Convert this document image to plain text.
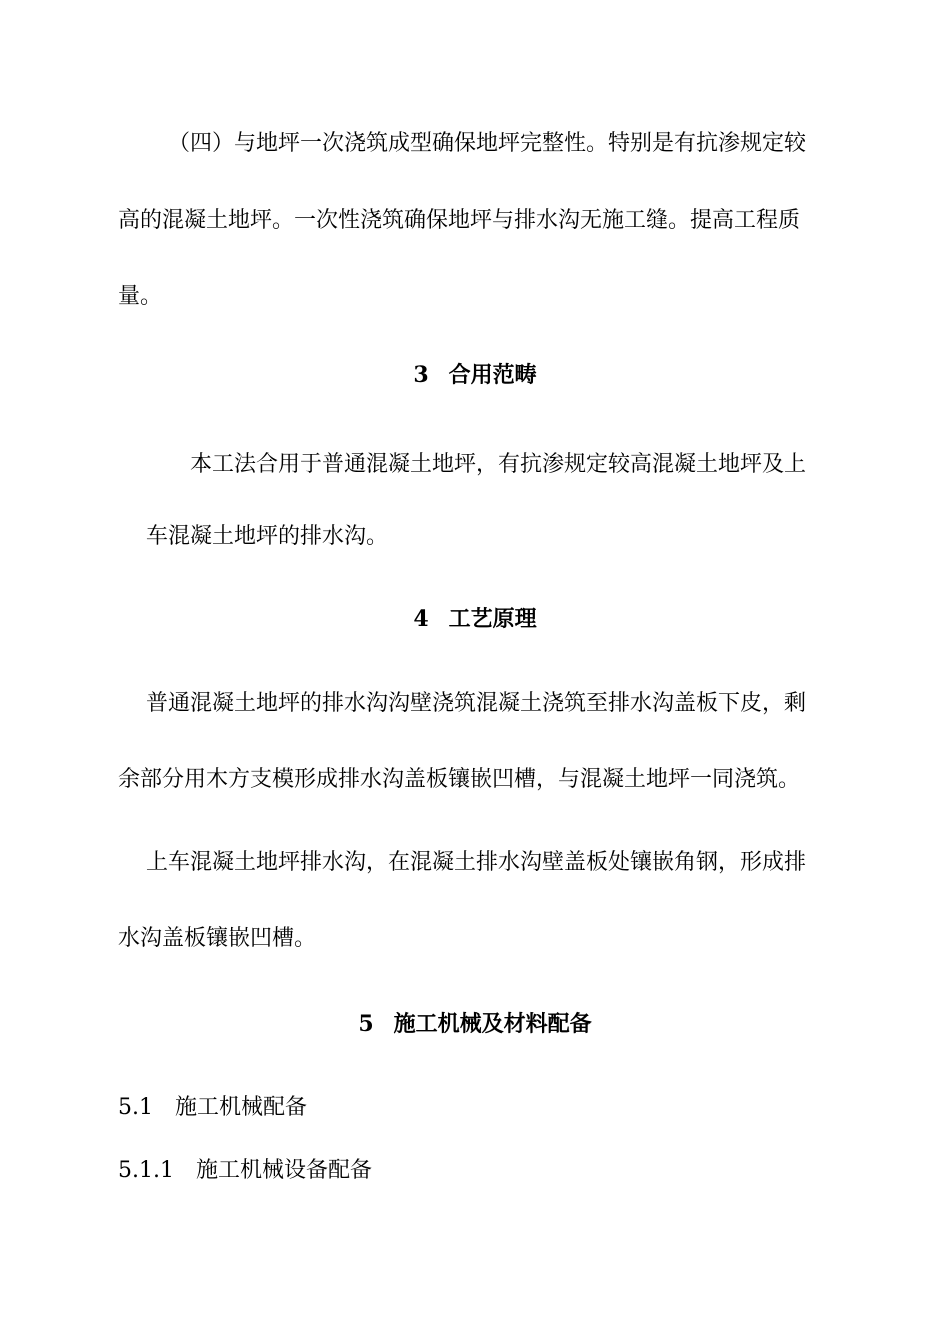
（四）与地坪一次浇筑成型确保地坪完整性。特别是有抗渗规定较
高的混凝土地坪。一次性浇筑确保地坪与排水沟无施工缝。提高工程质
量。
3 合用范畴
本工法合用于普通混凝土地坪，有抗渗规定较高混凝土地坪及上
车混凝土地坪的排水沟。
4 工艺原理
普通混凝土地坪的排水沟沟壁浇筑混凝土浇筑至排水沟盖板下皮，剩
余部分用木方支模形成排水沟盖板镶嵌凹槽，与混凝土地坪一同浇筑。
上车混凝土地坪排水沟，在混凝土排水沟壁盖板处镶嵌角钢，形成排
水沟盖板镶嵌凹槽。
5 施工机械及材料配备
5.1 施工机械配备
5.1.1 施工机械设备配备
